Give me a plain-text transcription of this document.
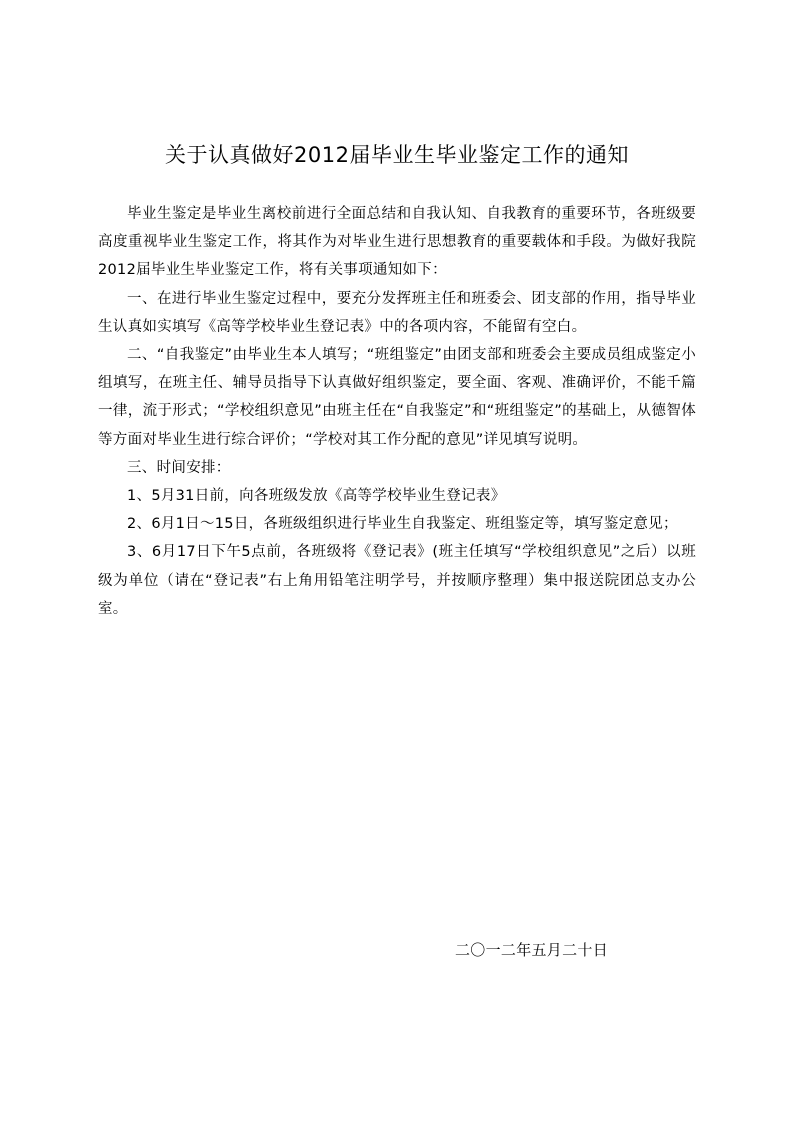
关于认真做好2012届毕业生毕业鉴定工作的通知

毕业生鉴定是毕业生离校前进行全面总结和自我认知、自我教育的重要环节，各班级要高度重视毕业生鉴定工作，将其作为对毕业生进行思想教育的重要载体和手段。为做好我院2012届毕业生毕业鉴定工作，将有关事项通知如下：

一、在进行毕业生鉴定过程中，要充分发挥班主任和班委会、团支部的作用，指导毕业生认真如实填写《高等学校毕业生登记表》中的各项内容，不能留有空白。

二、“自我鉴定”由毕业生本人填写；“班组鉴定”由团支部和班委会主要成员组成鉴定小组填写，在班主任、辅导员指导下认真做好组织鉴定，要全面、客观、准确评价，不能千篇一律，流于形式；“学校组织意见”由班主任在“自我鉴定”和“班组鉴定”的基础上，从德智体等方面对毕业生进行综合评价；“学校对其工作分配的意见”详见填写说明。

三、时间安排：

1、5月31日前，向各班级发放《高等学校毕业生登记表》

2、6月1日～15日，各班级组织进行毕业生自我鉴定、班组鉴定等，填写鉴定意见；

3、6月17日下午5点前，各班级将《登记表》(班主任填写“学校组织意见”之后）以班级为单位（请在“登记表”右上角用铅笔注明学号，并按顺序整理）集中报送院团总支办公室。

二〇一二年五月二十日
